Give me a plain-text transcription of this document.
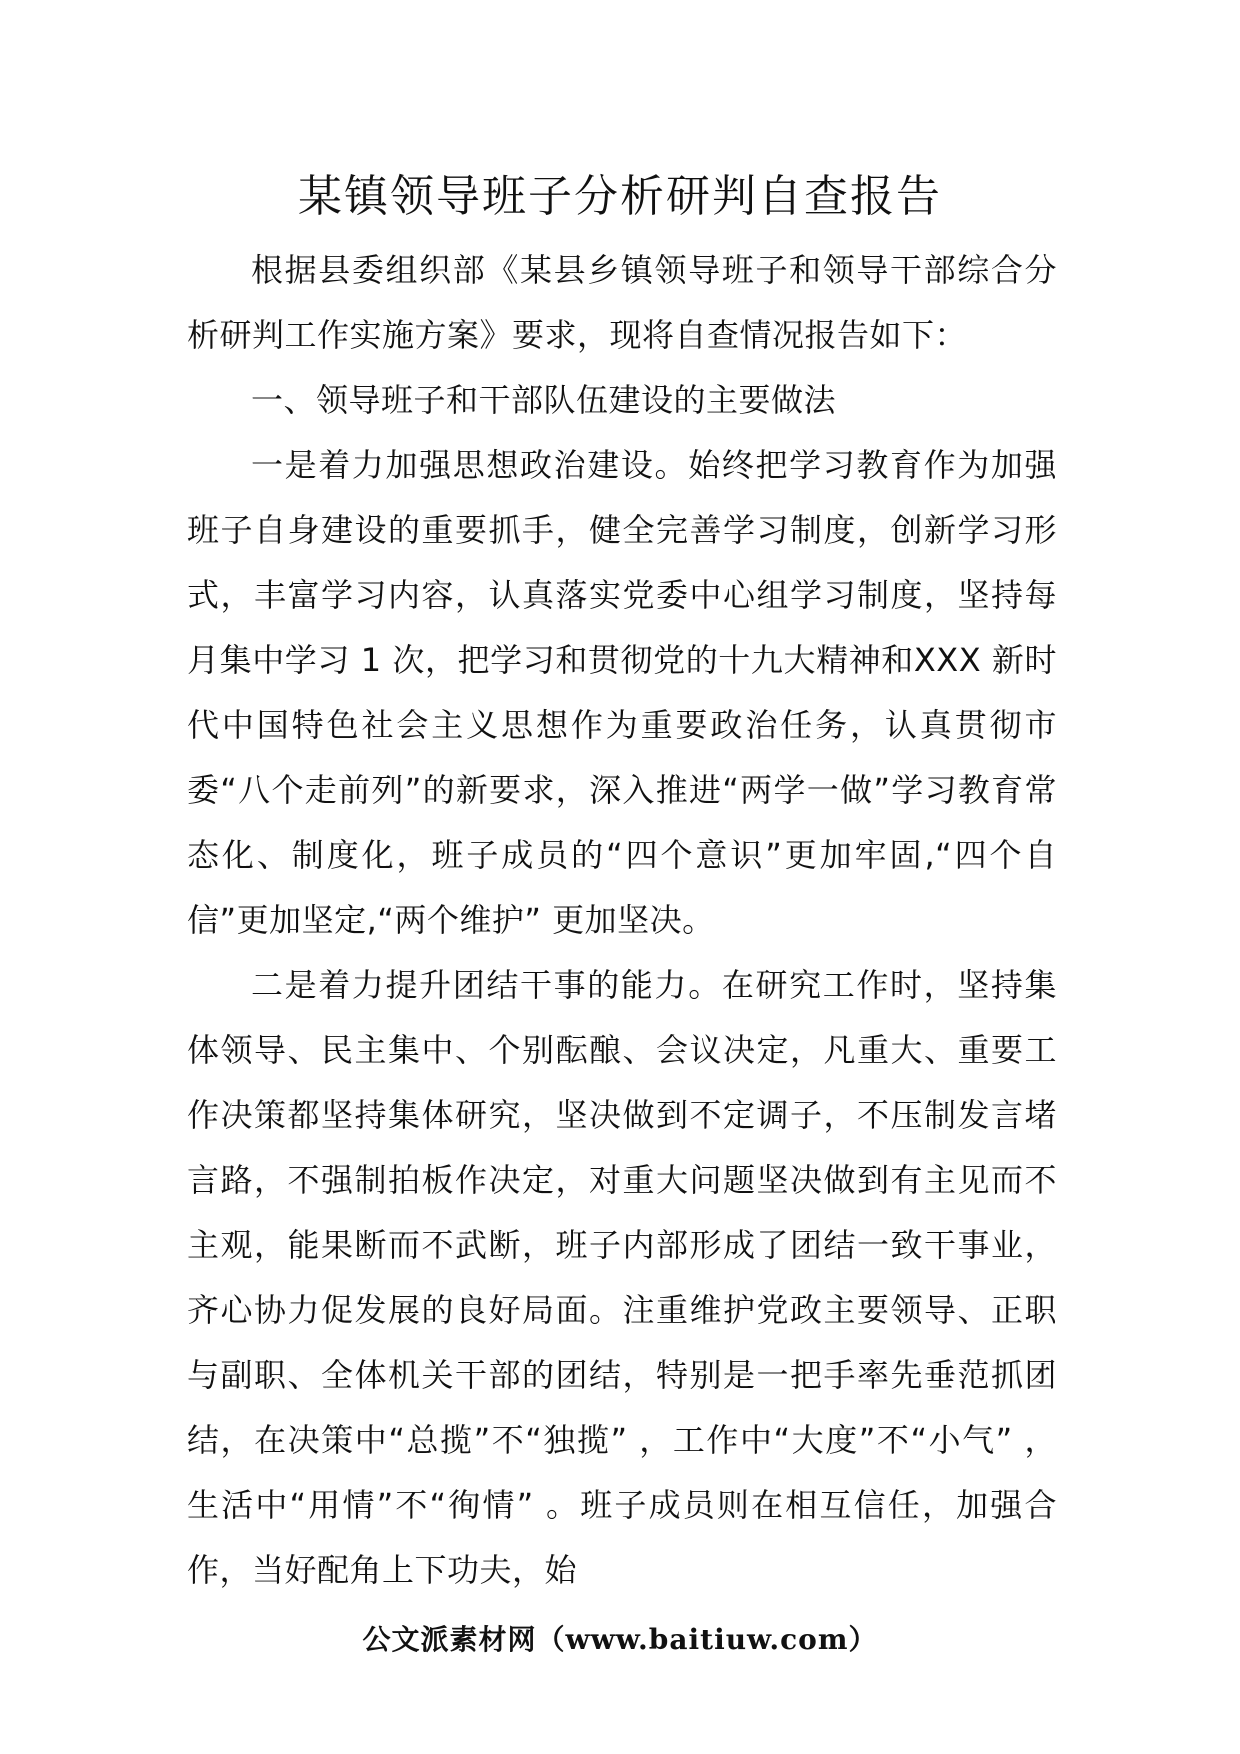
某镇领导班子分析研判自查报告

根据县委组织部《某县乡镇领导班子和领导干部综合分析研判工作实施方案》要求，现将自查情况报告如下：

一、领导班子和干部队伍建设的主要做法

一是着力加强思想政治建设。始终把学习教育作为加强班子自身建设的重要抓手，健全完善学习制度，创新学习形式，丰富学习内容，认真落实党委中心组学习制度，坚持每月集中学习 1 次，把学习和贯彻党的十九大精神和XXX 新时代中国特色社会主义思想作为重要政治任务，认真贯彻市委“八个走前列”的新要求，深入推进“两学一做”学习教育常态化、制度化，班子成员的“四个意识”更加牢固,“四个自信”更加坚定,“两个维护” 更加坚决。

二是着力提升团结干事的能力。在研究工作时，坚持集体领导、民主集中、个别酝酿、会议决定，凡重大、重要工作决策都坚持集体研究，坚决做到不定调子，不压制发言堵言路，不强制拍板作决定，对重大问题坚决做到有主见而不主观，能果断而不武断，班子内部形成了团结一致干事业，齐心协力促发展的良好局面。注重维护党政主要领导、正职与副职、全体机关干部的团结，特别是一把手率先垂范抓团结，在决策中“总揽”不“独揽” ，工作中“大度”不“小气” ，生活中“用情”不“徇情” 。班子成员则在相互信任，加强合作，当好配角上下功夫，始

公文派素材网（www.baitiuw.com）
